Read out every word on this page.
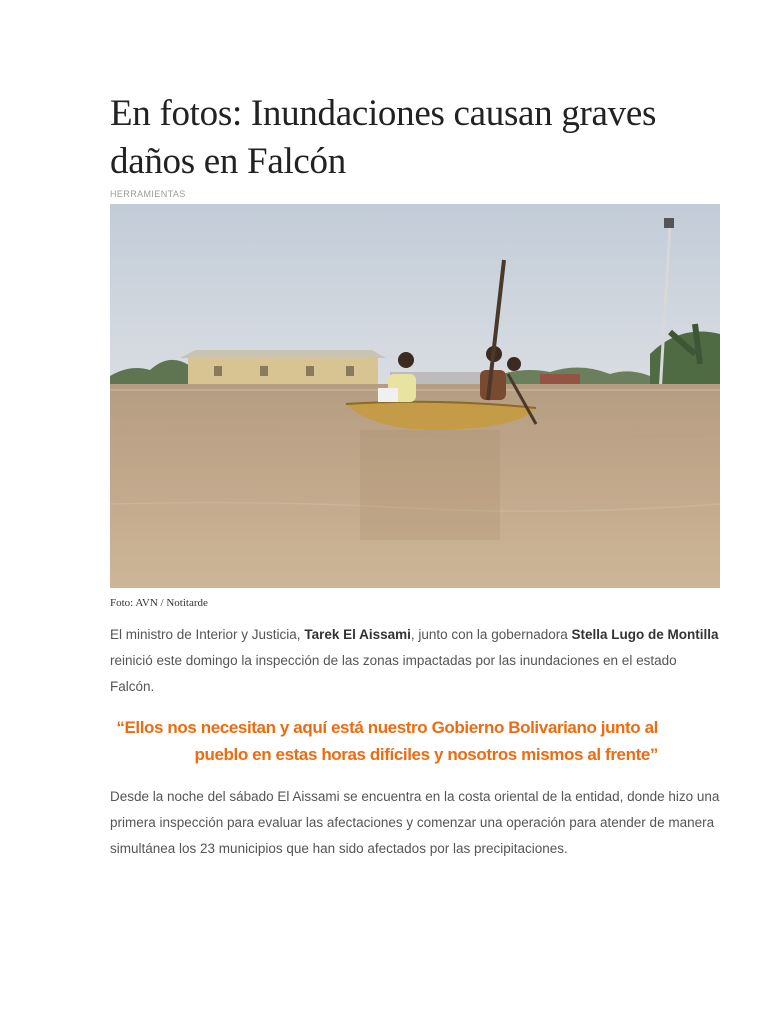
En fotos: Inundaciones causan graves daños en Falcón
HERRAMIENTAS
Foto: AVN / Notitarde

El ministro de Interior y Justicia, Tarek El Aissami, junto con la gobernadora Stella Lugo de Montilla reinició este domingo la inspección de las zonas impactadas por las inundaciones en el estado Falcón.

“Ellos nos necesitan y aquí está nuestro Gobierno Bolivariano junto al pueblo en estas horas difíciles y nosotros mismos al frente”

Desde la noche del sábado El Aissami se encuentra en la costa oriental de la entidad, donde hizo una primera inspección para evaluar las afectaciones y comenzar una operación para atender de manera simultánea los 23 municipios que han sido afectados por las precipitaciones.
